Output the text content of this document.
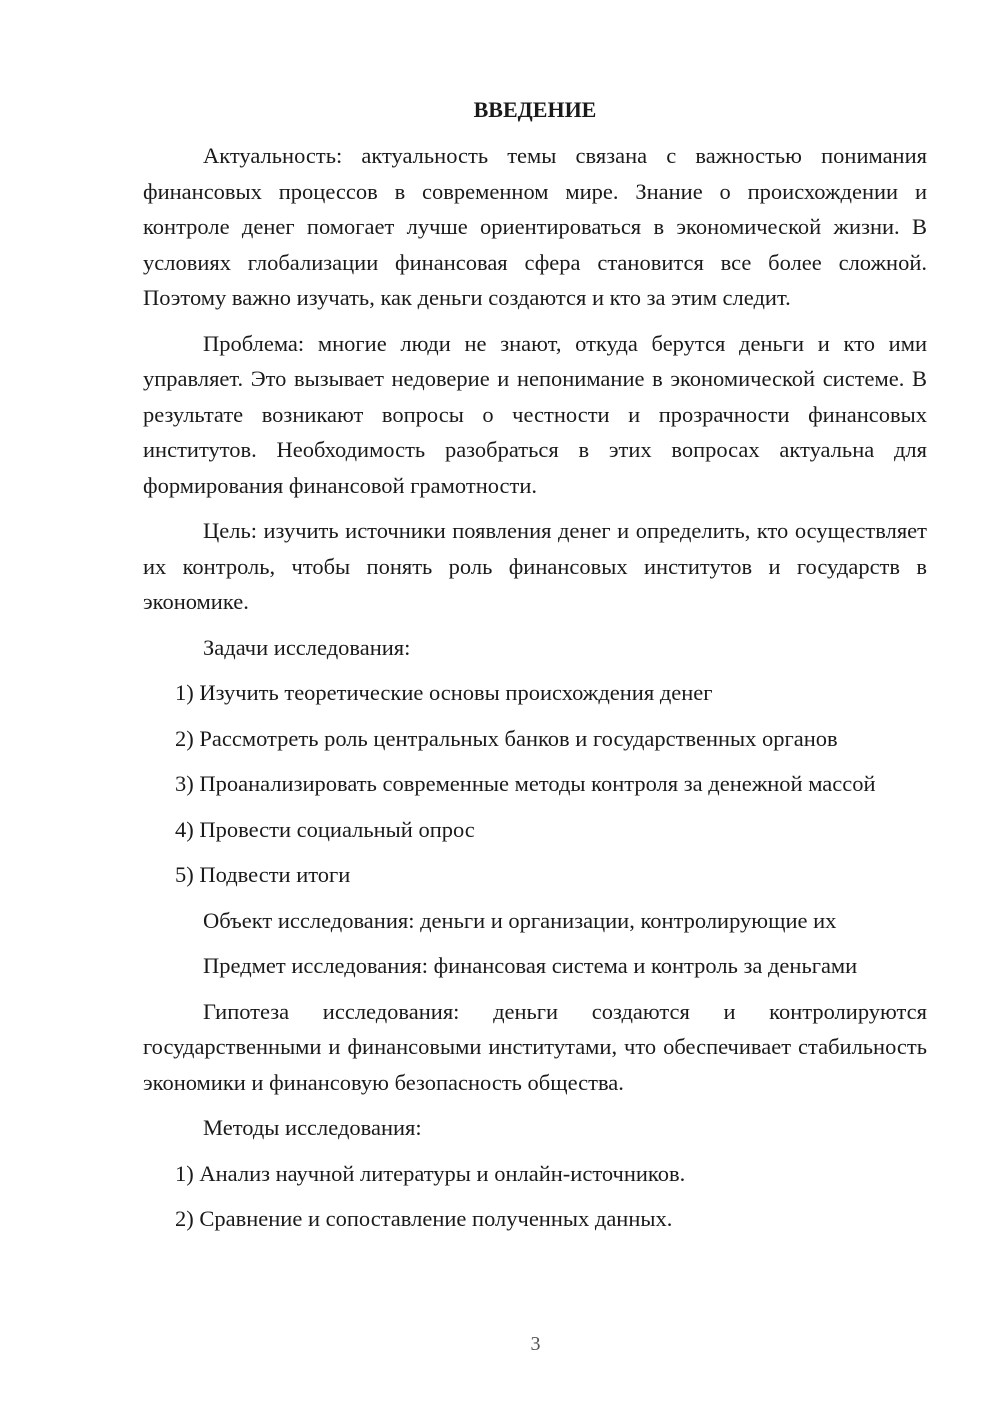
ВВЕДЕНИЕ
Актуальность: актуальность темы связана с важностью понимания финансовых процессов в современном мире. Знание о происхождении и контроле денег помогает лучше ориентироваться в экономической жизни. В условиях глобализации финансовая сфера становится все более сложной. Поэтому важно изучать, как деньги создаются и кто за этим следит.
Проблема: многие люди не знают, откуда берутся деньги и кто ими управляет. Это вызывает недоверие и непонимание в экономической системе. В результате возникают вопросы о честности и прозрачности финансовых институтов. Необходимость разобраться в этих вопросах актуальна для формирования финансовой грамотности.
Цель: изучить источники появления денег и определить, кто осуществляет их контроль, чтобы понять роль финансовых институтов и государств в экономике.
Задачи исследования:
1) Изучить теоретические основы происхождения денег
2) Рассмотреть роль центральных банков и государственных органов
3) Проанализировать современные методы контроля за денежной массой
4) Провести социальный опрос
5) Подвести итоги
Объект исследования: деньги и организации, контролирующие их
Предмет исследования: финансовая система и контроль за деньгами
Гипотеза исследования: деньги создаются и контролируются государственными и финансовыми институтами, что обеспечивает стабильность экономики и финансовую безопасность общества.
Методы исследования:
1) Анализ научной литературы и онлайн-источников.
2) Сравнение и сопоставление полученных данных.
3
